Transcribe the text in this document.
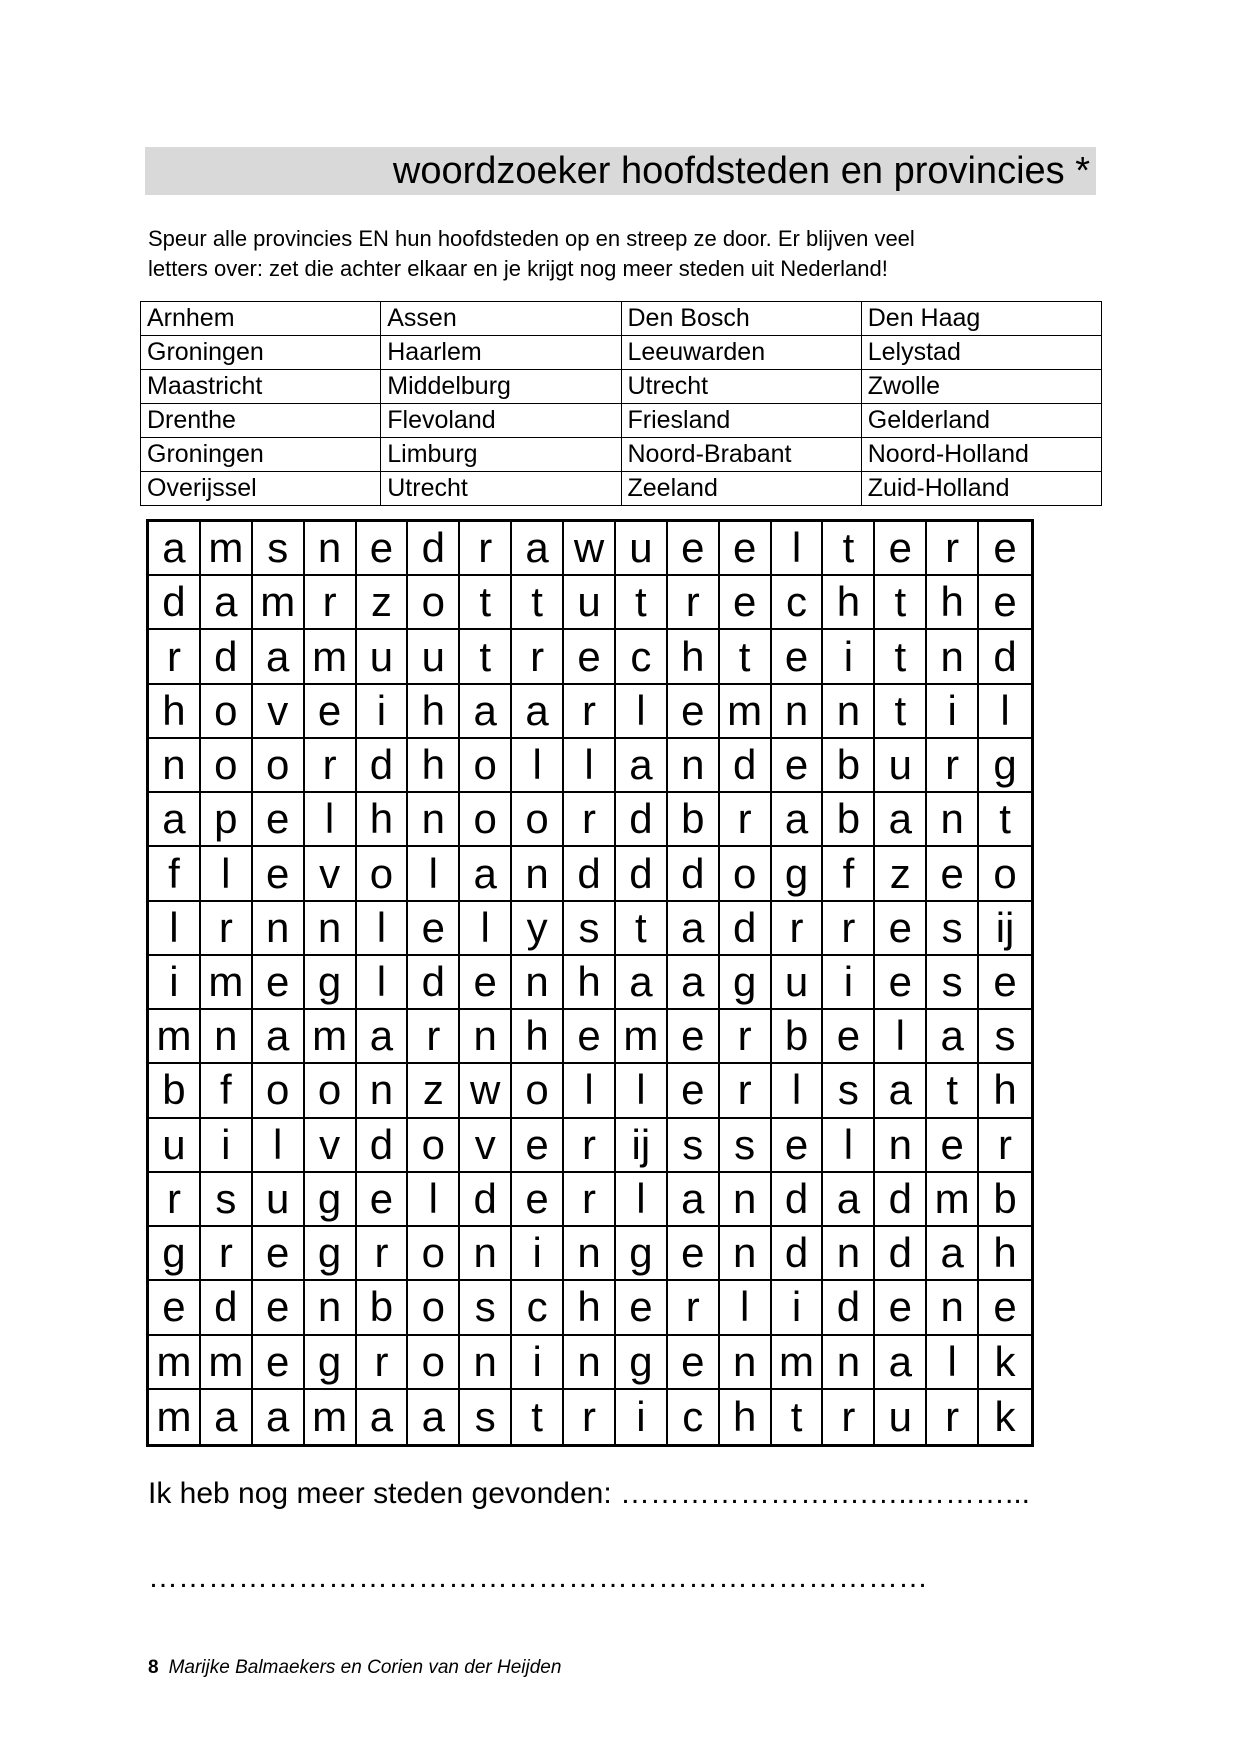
woordzoeker hoofdsteden en provincies *

Speur alle provincies EN hun hoofdsteden op en streep ze door. Er blijven veel

letters over: zet die achter elkaar en je krijgt nog meer steden uit Nederland!

Arnhem	Assen	Den Bosch	Den Haag
Groningen	Haarlem	Leeuwarden	Lelystad
Maastricht	Middelburg	Utrecht	Zwolle
Drenthe	Flevoland	Friesland	Gelderland
Groningen	Limburg	Noord-Brabant	Noord-Holland
Overijssel	Utrecht	Zeeland	Zuid-Holland
a m s n e d r a w u e e l t e r e
d a m r z o t t u t r e c h t h e
r d a m u u t r e c h t e i t n d
h o v e i h a a r l e m n n t i	l
n o o r d h o l	l a n d e b u r g
a p e l h n o o r d b r a b a n t
f l e v o l a n d d d o g f z e o
l r n n l e l y s t a d r r e s ij
i m e g l d e n h a a g u i e s e
m n a m a r n h e m e r b e l a s
b f o o n z w o l	l e r l s a t h
u i	l v d o v e r ij s s e l n e r
r s u g e l d e r l a n d a d m b
g r e g r o n i n g e n d n d a h
e d e n b o s c h e r l	i d e n e
m m e g r o n i n g e n m n a l k
m a a m a a s t r i c h t r u r k
Ik heb nog meer steden gevonden: …………………….…..………...
……………………………………………………………………
8 Marijke Balmaekers en Corien van der Heijden
